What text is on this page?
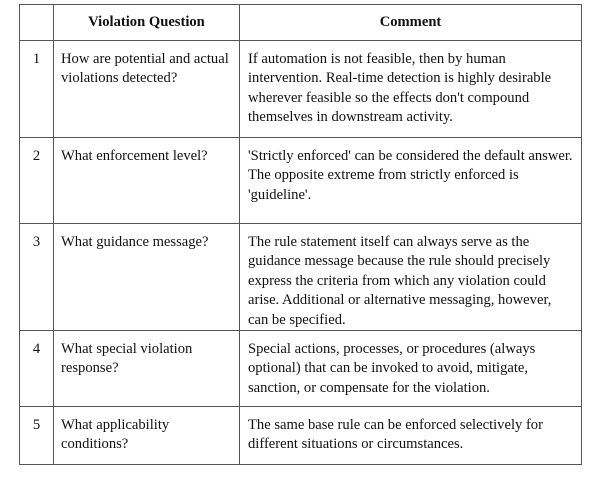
	Violation Question	Comment
1	How are potential and actual violations detected?	If automation is not feasible, then by human intervention. Real-time detection is highly desirable wherever feasible so the effects don't compound themselves in downstream activity.
2	What enforcement level?	'Strictly enforced' can be considered the default answer. The opposite extreme from strictly enforced is 'guideline'.
3	What guidance message?	The rule statement itself can always serve as the guidance message because the rule should precisely express the criteria from which any violation could arise. Additional or alternative messaging, however, can be specified.
4	What special violation response?	Special actions, processes, or procedures (always optional) that can be invoked to avoid, mitigate, sanction, or compensate for the violation.
5	What applicability conditions?	The same base rule can be enforced selectively for different situations or circumstances.
